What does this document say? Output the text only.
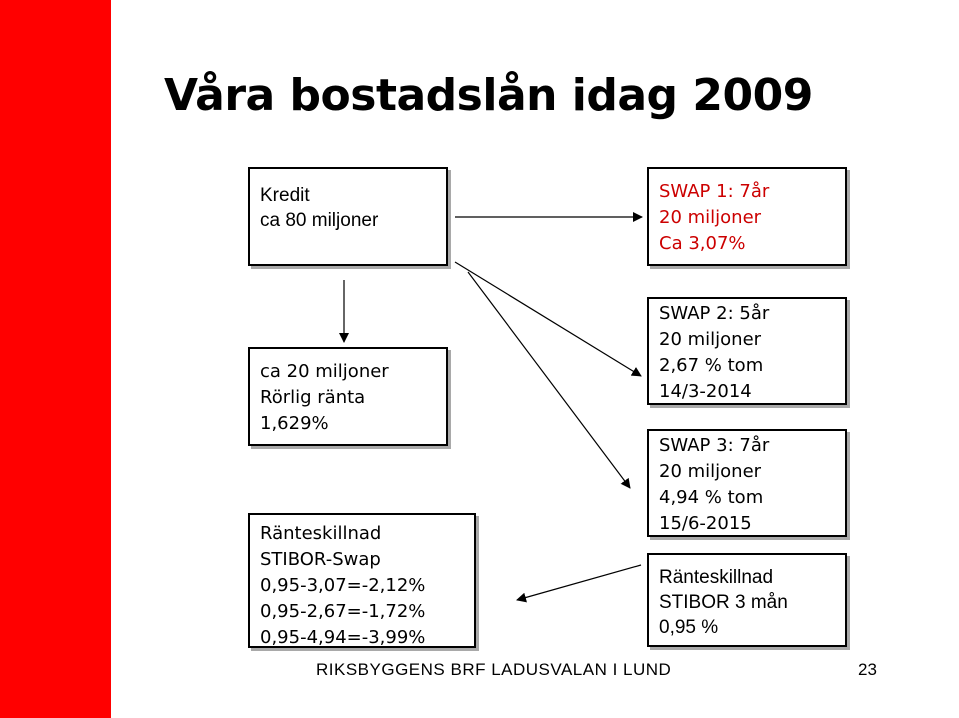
Våra bostadslån idag 2009
Kredit
ca 80 miljoner
SWAP 1: 7år
20 miljoner
Ca 3,07%
ca 20 miljoner
Rörlig ränta
1,629%
Ränteskillnad
STIBOR-Swap
0,95-3,07=-2,12%
0,95-2,67=-1,72%
0,95-4,94=-3,99%
SWAP 2: 5år
20 miljoner
2,67 % tom
14/3-2014
SWAP 3: 7år
20 miljoner
4,94 % tom
15/6-2015
Ränteskillnad
STIBOR 3 mån
0,95 %
RIKSBYGGENS BRF LADUSVALAN I LUND	23
